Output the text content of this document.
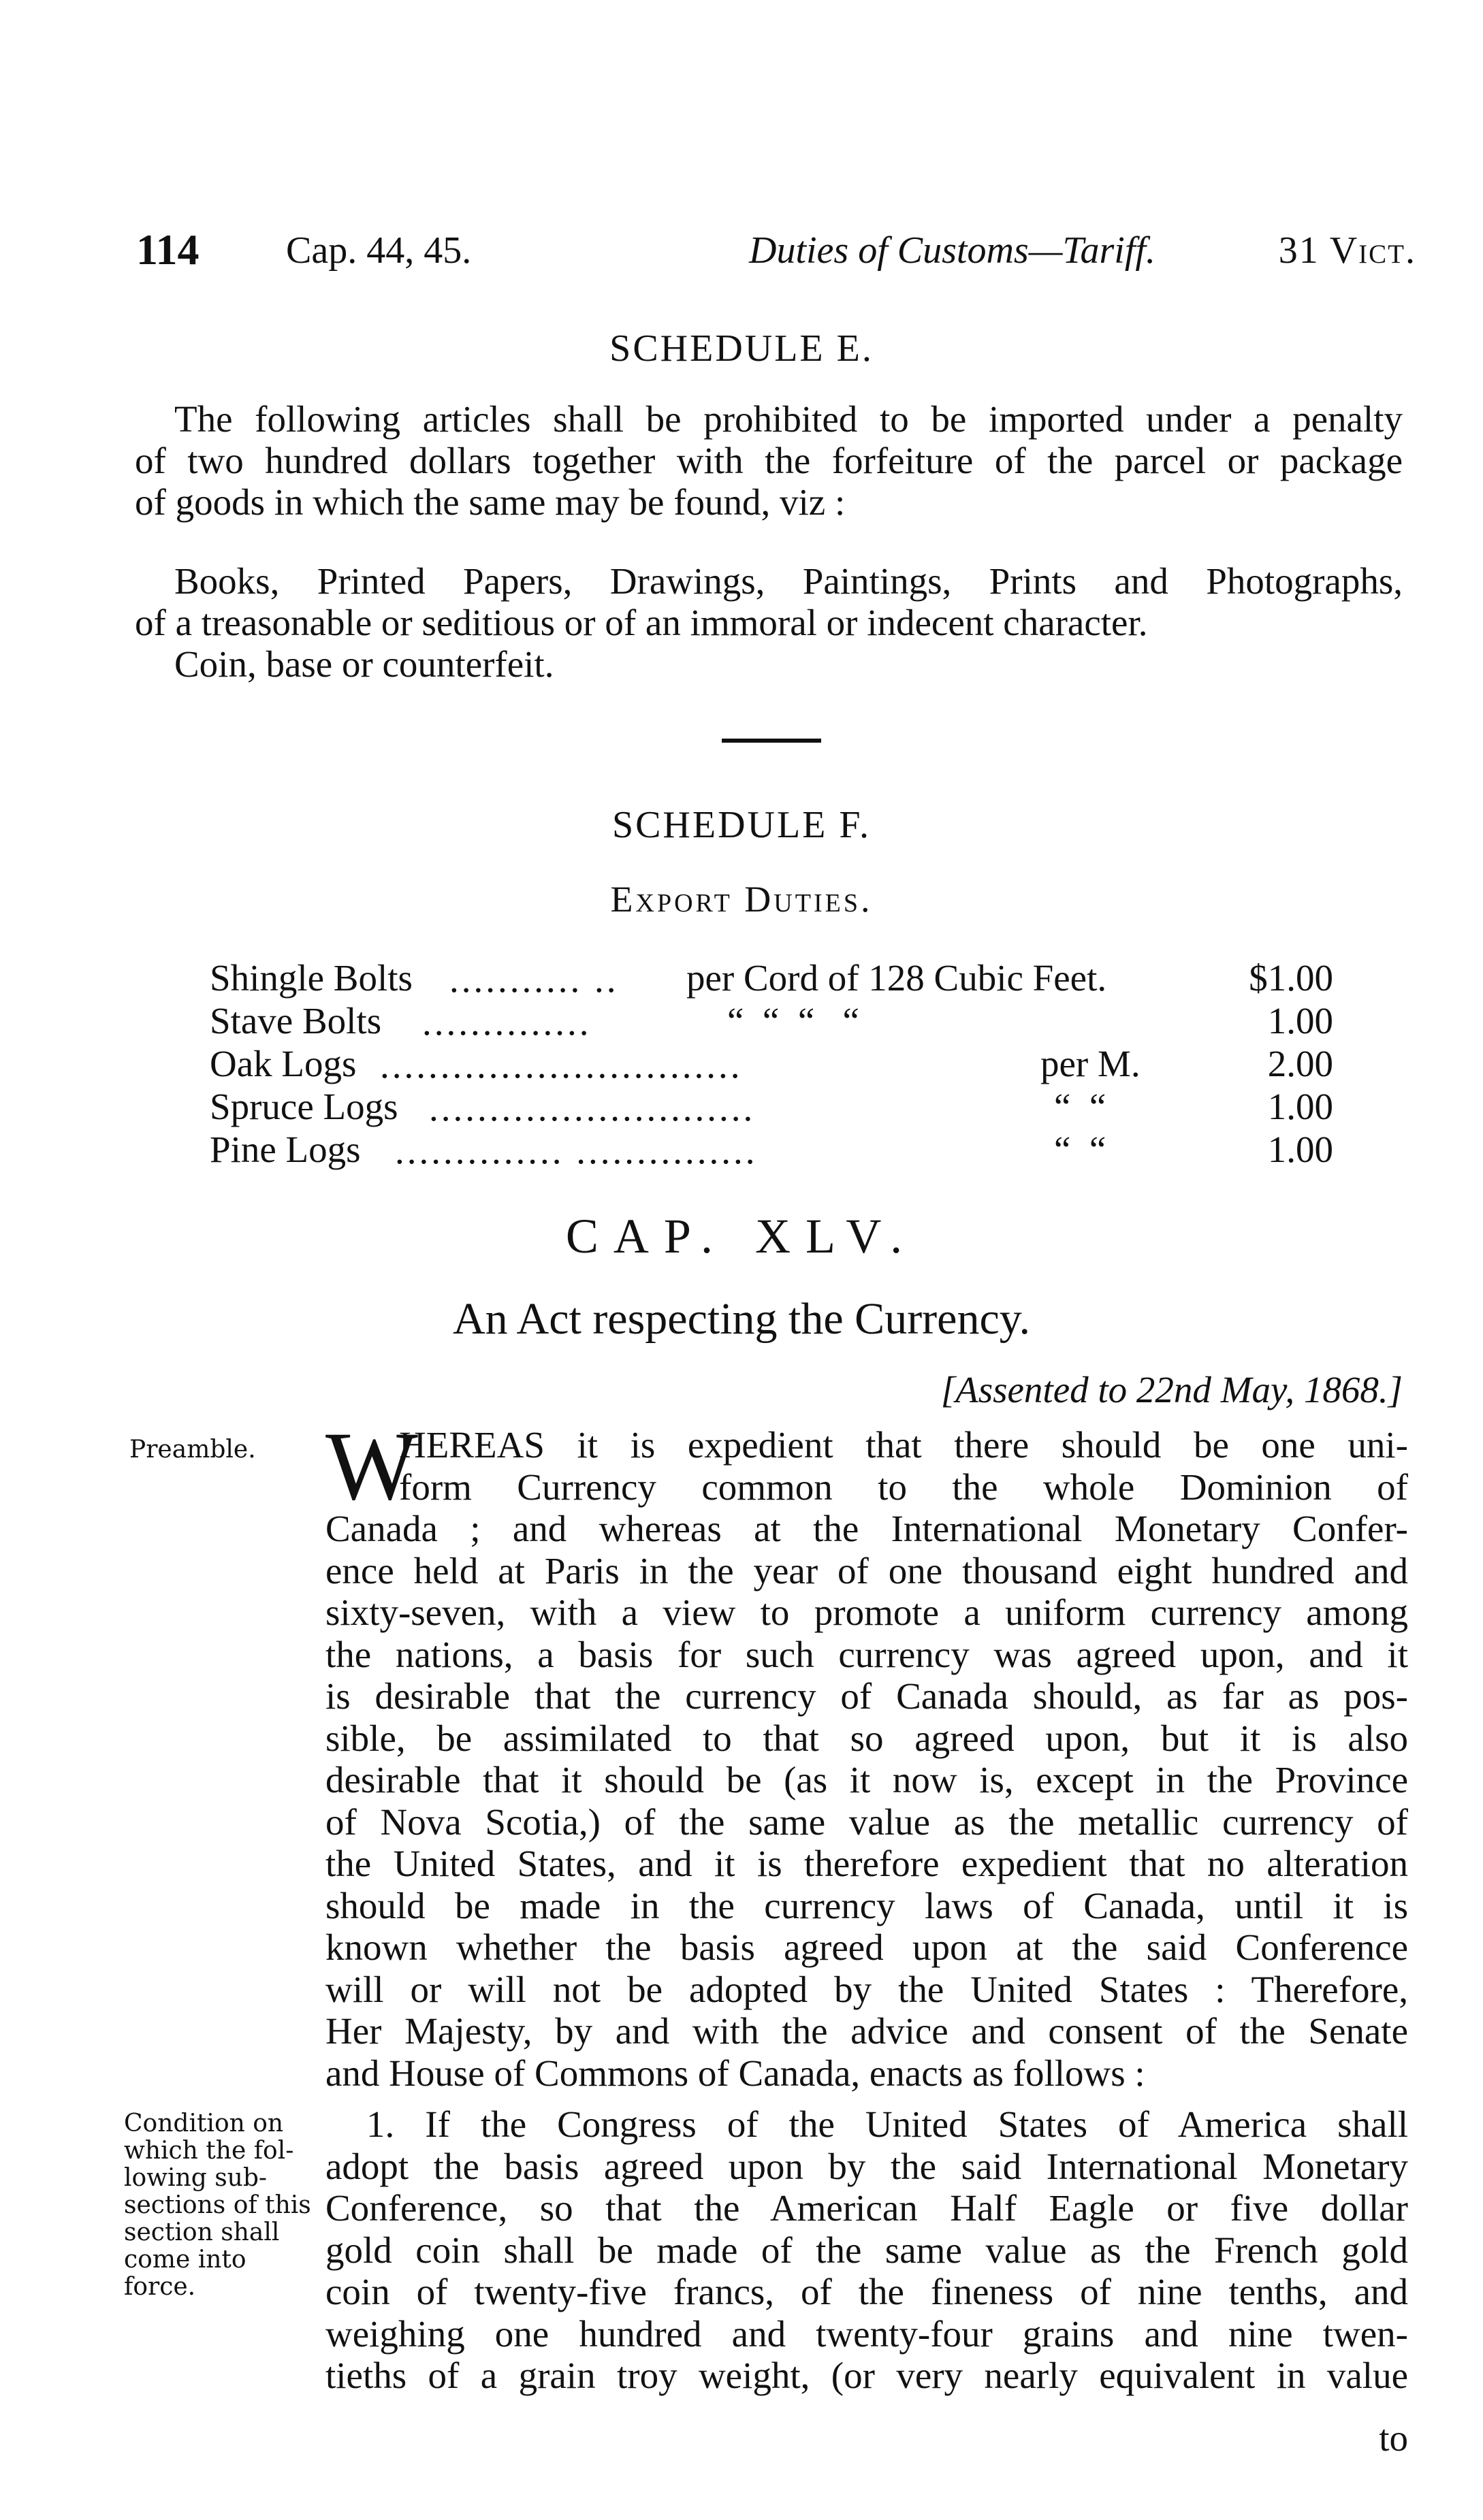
114 Cap. 44, 45.	Duties of Customs—Tariff.	31 Vict.
SCHEDULE E.
The following articles shall be prohibited to be imported under a penalty
of two hundred dollars together with the forfeiture of the parcel or package
of goods in which the same may be found, viz :
Books, Printed Papers, Drawings, Paintings, Prints and Photographs,
of a treasonable or seditious or of an immoral or indecent character.
Coin, base or counterfeit.
SCHEDULE F.
Export Duties.
Shingle Bolts ........... ..	per Cord of 128 Cubic Feet.	$1.00
Stave Bolts ..............	“  “  “   “	1.00
Oak Logs ..............................	per M.	2.00
Spruce Logs ...........................	“  “	1.00
Pine Logs .............. ...............	“  “	1.00
CAP. XLV.
An Act respecting the Currency.
[Assented to 22nd May, 1868.]
Preamble. W
HEREAS it is expedient that there should be one uni-
form Currency common to the whole Dominion of
Canada ; and whereas at the International Monetary Confer-
ence held at Paris in the year of one thousand eight hundred and
sixty-seven, with a view to promote a uniform currency among
the nations, a basis for such currency was agreed upon, and it
is desirable that the currency of Canada should, as far as pos-
sible, be assimilated to that so agreed upon, but it is also
desirable that it should be (as it now is, except in the Province
of Nova Scotia,) of the same value as the metallic currency of
the United States, and it is therefore expedient that no alteration
should be made in the currency laws of Canada, until it is
known whether the basis agreed upon at the said Conference
will or will not be adopted by the United States : Therefore,
Her Majesty, by and with the advice and consent of the Senate
and House of Commons of Canada, enacts as follows :
Condition on
which the fol-
lowing sub-
sections of this
section shall
come into
force.
1. If the Congress of the United States of America shall
adopt the basis agreed upon by the said International Monetary
Conference, so that the American Half Eagle or five dollar
gold coin shall be made of the same value as the French gold
coin of twenty-five francs, of the fineness of nine tenths, and
weighing one hundred and twenty-four grains and nine twen-
tieths of a grain troy weight, (or very nearly equivalent in value
to
